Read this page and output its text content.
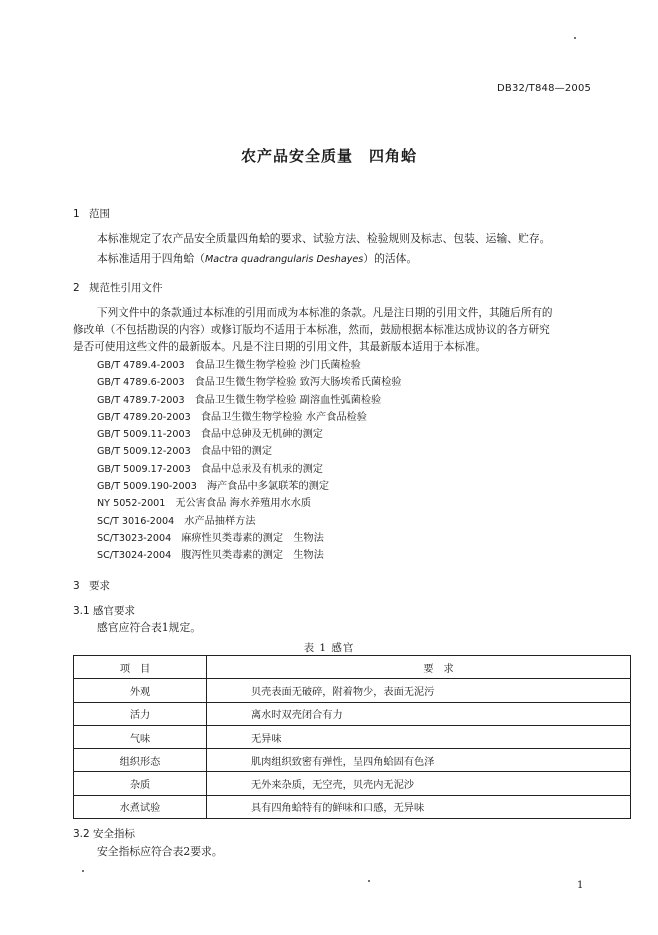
DB32/T848—2005
农产品安全质量　四角蛤
1 范围
本标准规定了农产品安全质量四角蛤的要求、试验方法、检验规则及标志、包装、运输、贮存。
本标准适用于四角蛤（Mactra quadrangularis Deshayes）的活体。
2 规范性引用文件
下列文件中的条款通过本标准的引用而成为本标准的条款。凡是注日期的引用文件，其随后所有的
修改单（不包括勘误的内容）或修订版均不适用于本标准，然而，鼓励根据本标准达成协议的各方研究
是否可使用这些文件的最新版本。凡是不注日期的引用文件，其最新版本适用于本标准。
GB/T 4789.4-2003 食品卫生微生物学检验 沙门氏菌检验
GB/T 4789.6-2003 食品卫生微生物学检验 致泻大肠埃希氏菌检验
GB/T 4789.7-2003 食品卫生微生物学检验 副溶血性弧菌检验
GB/T 4789.20-2003 食品卫生微生物学检验 水产食品检验
GB/T 5009.11-2003 食品中总砷及无机砷的测定
GB/T 5009.12-2003 食品中铅的测定
GB/T 5009.17-2003 食品中总汞及有机汞的测定
GB/T 5009.190-2003 海产食品中多氯联苯的测定
NY 5052-2001 无公害食品 海水养殖用水水质
SC/T 3016-2004 水产品抽样方法
SC/T3023-2004 麻痹性贝类毒素的测定　生物法
SC/T3024-2004 腹泻性贝类毒素的测定　生物法
3 要求
3.1 感官要求
感官应符合表1规定。
表 1 感官
项目	要求
外观	贝壳表面无破碎，附着物少，表面无泥污
活力	离水时双壳闭合有力
气味	无异味
组织形态	肌肉组织致密有弹性，呈四角蛤固有色泽
杂质	无外来杂质，无空壳，贝壳内无泥沙
水煮试验	具有四角蛤特有的鲜味和口感，无异味
3.2 安全指标
安全指标应符合表2要求。
1
